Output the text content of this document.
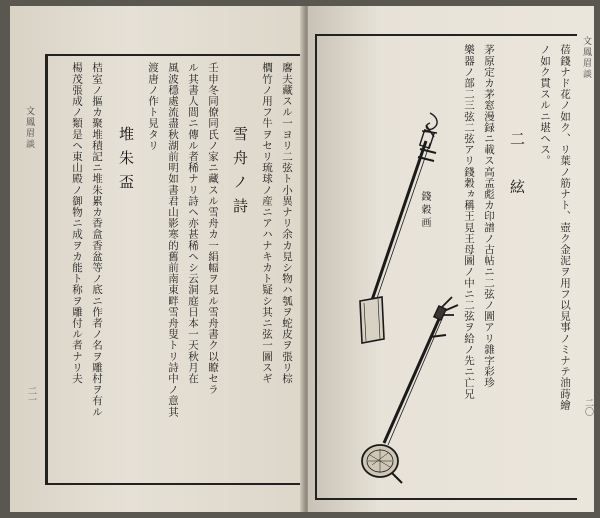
文鳳眉談
二一
黁夫藏スル一ヨリ二弦ト小異ナリ余カ見シ物ハ瓠ヲ蛇皮ヲ張リ棕
櫚竹ノ用フ牛ヲセリ琉球ノ産ニアハナキカト疑シ其ニ弦一圖スギ
雪舟ノ詩
壬申冬同僚同氏ノ家ニ藏スル雪舟カ一絹幅ヲ見ル雪舟書ク以瞭セラ
ル其書人間ニ傳ル者稀ナリ詩ヘ亦甚稀ヘシ云洞庭日本一天秋月在
風波穩處流盡秋湖前明如書君山影寒的舊前南東畔雪舟叟トリ詩中ノ意其
渡唐ノ作ト見タリ
堆朱盃
桔室ノ摳カ聚堆積記ニ堆朱累カ香盒香盆等ノ底ニ作者ノ名ヲ雕村ヲ有ル
楊茂張成ノ類是ヘ東山殿ノ御物ニ成ヲカ能ト称ヲ雕付ル者ナリ夫
文鳳眉談
二〇
蓓錢ナド花ノ如ク、リ葉ノ筋ナト、壺ク金泥ヲ用フ以見事ノミナテ油蒔繪
ノ如ク貫スルニ堪ヘス。
二　絃
茅原定カ茅窓漫録ニ載ス高孟彪カ印譜ノ古帖ニ二弦ノ圖アリ雜字彩珍
樂器ノ部二三弦二弦アリ錢穀ヵ稱王見王母圖ノ中ニ二弦ヲ給ノ先ニ亡兄
錢穀画
